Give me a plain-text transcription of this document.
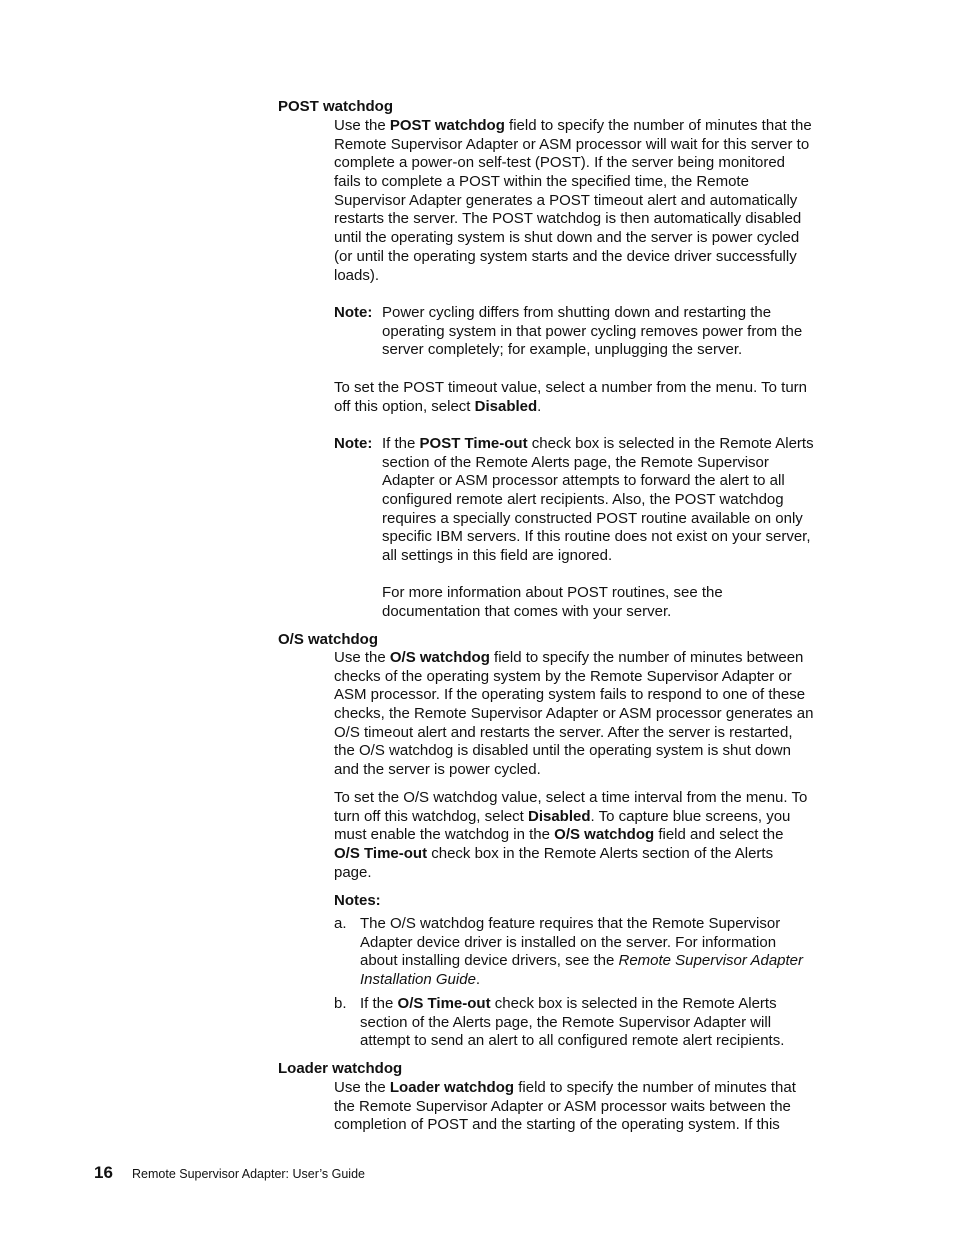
POST watchdog
Use the POST watchdog field to specify the number of minutes that the
Remote Supervisor Adapter or ASM processor will wait for this server to
complete a power-on self-test (POST). If the server being monitored
fails to complete a POST within the specified time, the Remote
Supervisor Adapter generates a POST timeout alert and automatically
restarts the server. The POST watchdog is then automatically disabled
until the operating system is shut down and the server is power cycled
(or until the operating system starts and the device driver successfully
loads).
Note: Power cycling differs from shutting down and restarting the
operating system in that power cycling removes power from the
server completely; for example, unplugging the server.
To set the POST timeout value, select a number from the menu. To turn
off this option, select Disabled.
Note: If the POST Time-out check box is selected in the Remote Alerts
section of the Remote Alerts page, the Remote Supervisor
Adapter or ASM processor attempts to forward the alert to all
configured remote alert recipients. Also, the POST watchdog
requires a specially constructed POST routine available on only
specific IBM servers. If this routine does not exist on your server,
all settings in this field are ignored.
For more information about POST routines, see the
documentation that comes with your server.
O/S watchdog
Use the O/S watchdog field to specify the number of minutes between
checks of the operating system by the Remote Supervisor Adapter or
ASM processor. If the operating system fails to respond to one of these
checks, the Remote Supervisor Adapter or ASM processor generates an
O/S timeout alert and restarts the server. After the server is restarted,
the O/S watchdog is disabled until the operating system is shut down
and the server is power cycled.
To set the O/S watchdog value, select a time interval from the menu. To
turn off this watchdog, select Disabled. To capture blue screens, you
must enable the watchdog in the O/S watchdog field and select the
O/S Time-out check box in the Remote Alerts section of the Alerts
page.
Notes:
a. The O/S watchdog feature requires that the Remote Supervisor
Adapter device driver is installed on the server. For information
about installing device drivers, see the Remote Supervisor Adapter
Installation Guide.
b. If the O/S Time-out check box is selected in the Remote Alerts
section of the Alerts page, the Remote Supervisor Adapter will
attempt to send an alert to all configured remote alert recipients.
Loader watchdog
Use the Loader watchdog field to specify the number of minutes that
the Remote Supervisor Adapter or ASM processor waits between the
completion of POST and the starting of the operating system. If this
16 Remote Supervisor Adapter: User’s Guide
